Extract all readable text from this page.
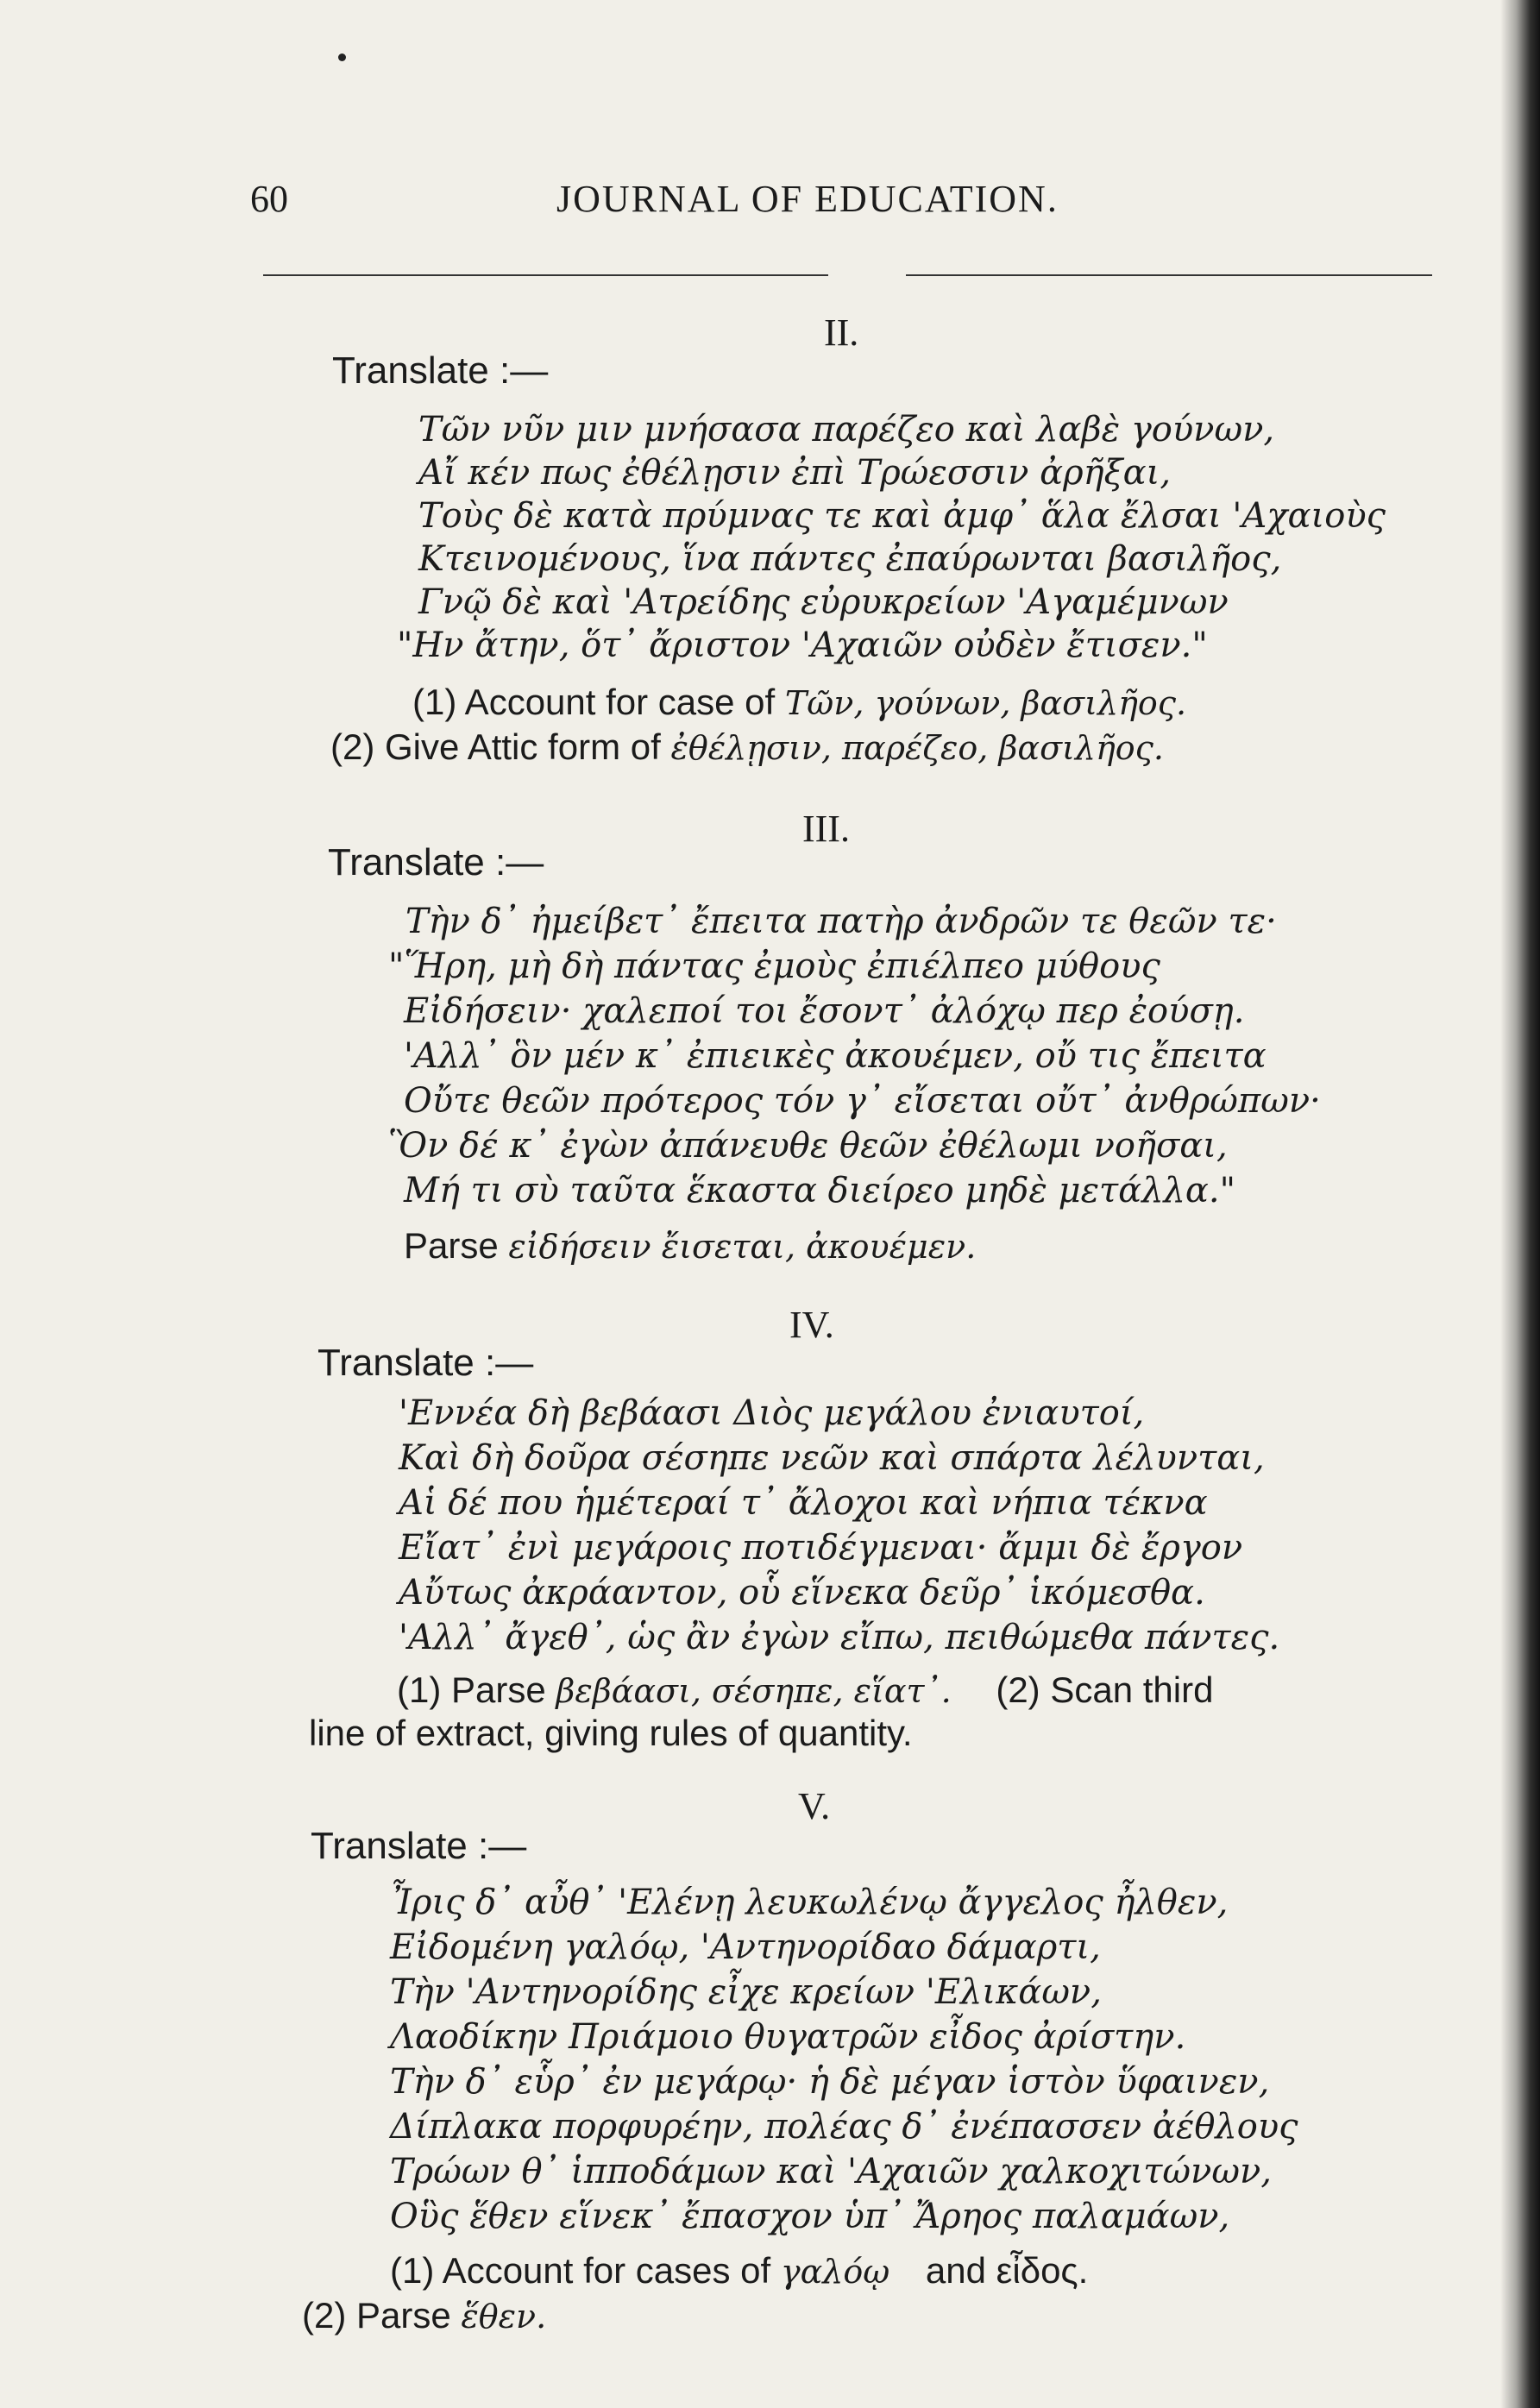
60	JOURNAL OF EDUCATION.
II.
Translate :—
Τῶν νῦν μιν μνήσασα παρέζεο καὶ λαβὲ γούνων,
Αἴ κέν πως ἐθέλῃσιν ἐπὶ Τρώεσσιν ἀρῆξαι,
Τοὺς δὲ κατὰ πρύμνας τε καὶ ἀμφ᾽ ἅλα ἔλσαι 'Αχαιοὺς
Κτεινομένους, ἵνα πάντες ἐπαύρωνται βασιλῆος,
Γνῷ δὲ καὶ 'Ατρείδης εὐρυκρείων 'Αγαμέμνων
"Ην ἄτην, ὅτ᾽ ἄριστον 'Αχαιῶν οὐδὲν ἔτισεν."
(1) Account for case of Τῶν, γούνων, βασιλῆος.
(2) Give Attic form of ἐθέλῃσιν, παρέζεο, βασιλῆος.
III.
Translate :—
Τὴν δ᾽ ἠμείβετ᾽ ἔπειτα πατὴρ ἀνδρῶν τε θεῶν τε·
"Ἥρη, μὴ δὴ πάντας ἐμοὺς ἐπιέλπεο μύθους
Εἰδήσειν· χαλεποί τοι ἔσοντ᾽ ἀλόχῳ περ ἐούσῃ.
'Αλλ᾽ ὃν μέν κ᾽ ἐπιεικὲς ἀκουέμεν, οὔ τις ἔπειτα
Οὔτε θεῶν πρότερος τόν γ᾽ εἴσεται οὔτ᾽ ἀνθρώπων·
Ὃν δέ κ᾽ ἐγὼν ἀπάνευθε θεῶν ἐθέλωμι νοῆσαι,
Μή τι σὺ ταῦτα ἕκαστα διείρεο μηδὲ μετάλλα."
Parse εἰδήσειν ἔισεται, ἀκουέμεν.
IV.
Translate :—
'Εννέα δὴ βεβάασι Διὸς μεγάλου ἐνιαυτοί,
Καὶ δὴ δοῦρα σέσηπε νεῶν καὶ σπάρτα λέλυνται,
Αἱ δέ που ἡμέτεραί τ᾽ ἄλοχοι καὶ νήπια τέκνα
Εἴατ᾽ ἐνὶ μεγάροις ποτιδέγμεναι· ἄμμι δὲ ἔργον
Αὔτως ἀκράαντον, οὗ εἵνεκα δεῦρ᾽ ἱκόμεσθα.
'Αλλ᾽ ἄγεθ᾽, ὡς ἂν ἐγὼν εἴπω, πειθώμεθα πάντες.
(1) Parse βεβάασι, σέσηπε, εἵατ᾽. (2) Scan third
line of extract, giving rules of quantity.
V.
Translate :—
Ἶρις δ᾽ αὖθ᾽ 'Ελένῃ λευκωλένῳ ἄγγελος ἦλθεν,
Εἰδομένη γαλόῳ, 'Αντηνορίδαο δάμαρτι,
Τὴν 'Αντηνορίδης εἶχε κρείων 'Ελικάων,
Λαοδίκην Πριάμοιο θυγατρῶν εἶδος ἀρίστην.
Τὴν δ᾽ εὗρ᾽ ἐν μεγάρῳ· ἡ δὲ μέγαν ἱστὸν ὕφαινεν,
Δίπλακα πορφυρέην, πολέας δ᾽ ἐνέπασσεν ἀέθλους
Τρώων θ᾽ ἱπποδάμων καὶ 'Αχαιῶν χαλκοχιτώνων,
Οὓς ἕθεν εἵνεκ᾽ ἔπασχον ὑπ᾽ Ἄρηος παλαμάων,
(1) Account for cases of γαλόῳ and εἶδος.
(2) Parse ἕθεν.
